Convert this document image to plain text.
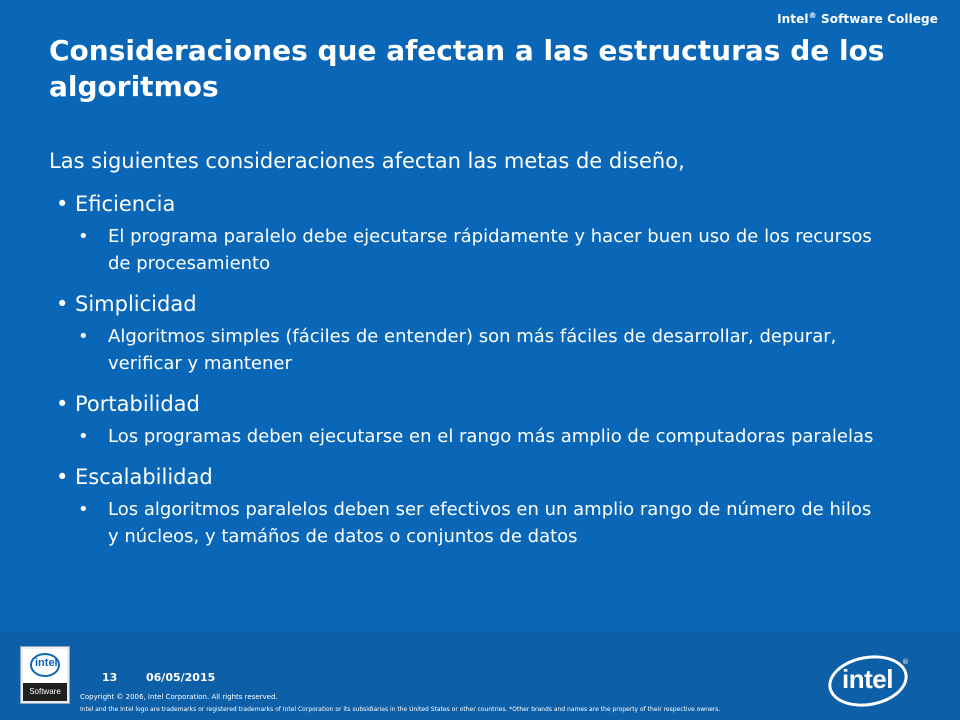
Intel® Software College
Consideraciones que afectan a las estructuras de los algoritmos

Las siguientes consideraciones afectan las metas de diseño,

• Eficiencia
•	El programa paralelo debe ejecutarse rápidamente y hacer buen uso de los recursos de procesamiento
• Simplicidad
•	Algoritmos simples (fáciles de entender) son más fáciles de desarrollar, depurar, verificar y mantener
• Portabilidad
•	Los programas deben ejecutarse en el rango más amplio de computadoras paralelas
• Escalabilidad
•	Los algoritmos paralelos deben ser efectivos en un amplio rango de número de hilos y núcleos, y tamáños de datos o conjuntos de datos
intel
Software
13	06/05/2015
Copyright © 2006, Intel Corporation. All rights reserved.
Intel and the Intel logo are trademarks or registered trademarks of Intel Corporation or its subsidiaries in the United States or other countries. *Other brands and names are the property of their respective owners.
intel
®
